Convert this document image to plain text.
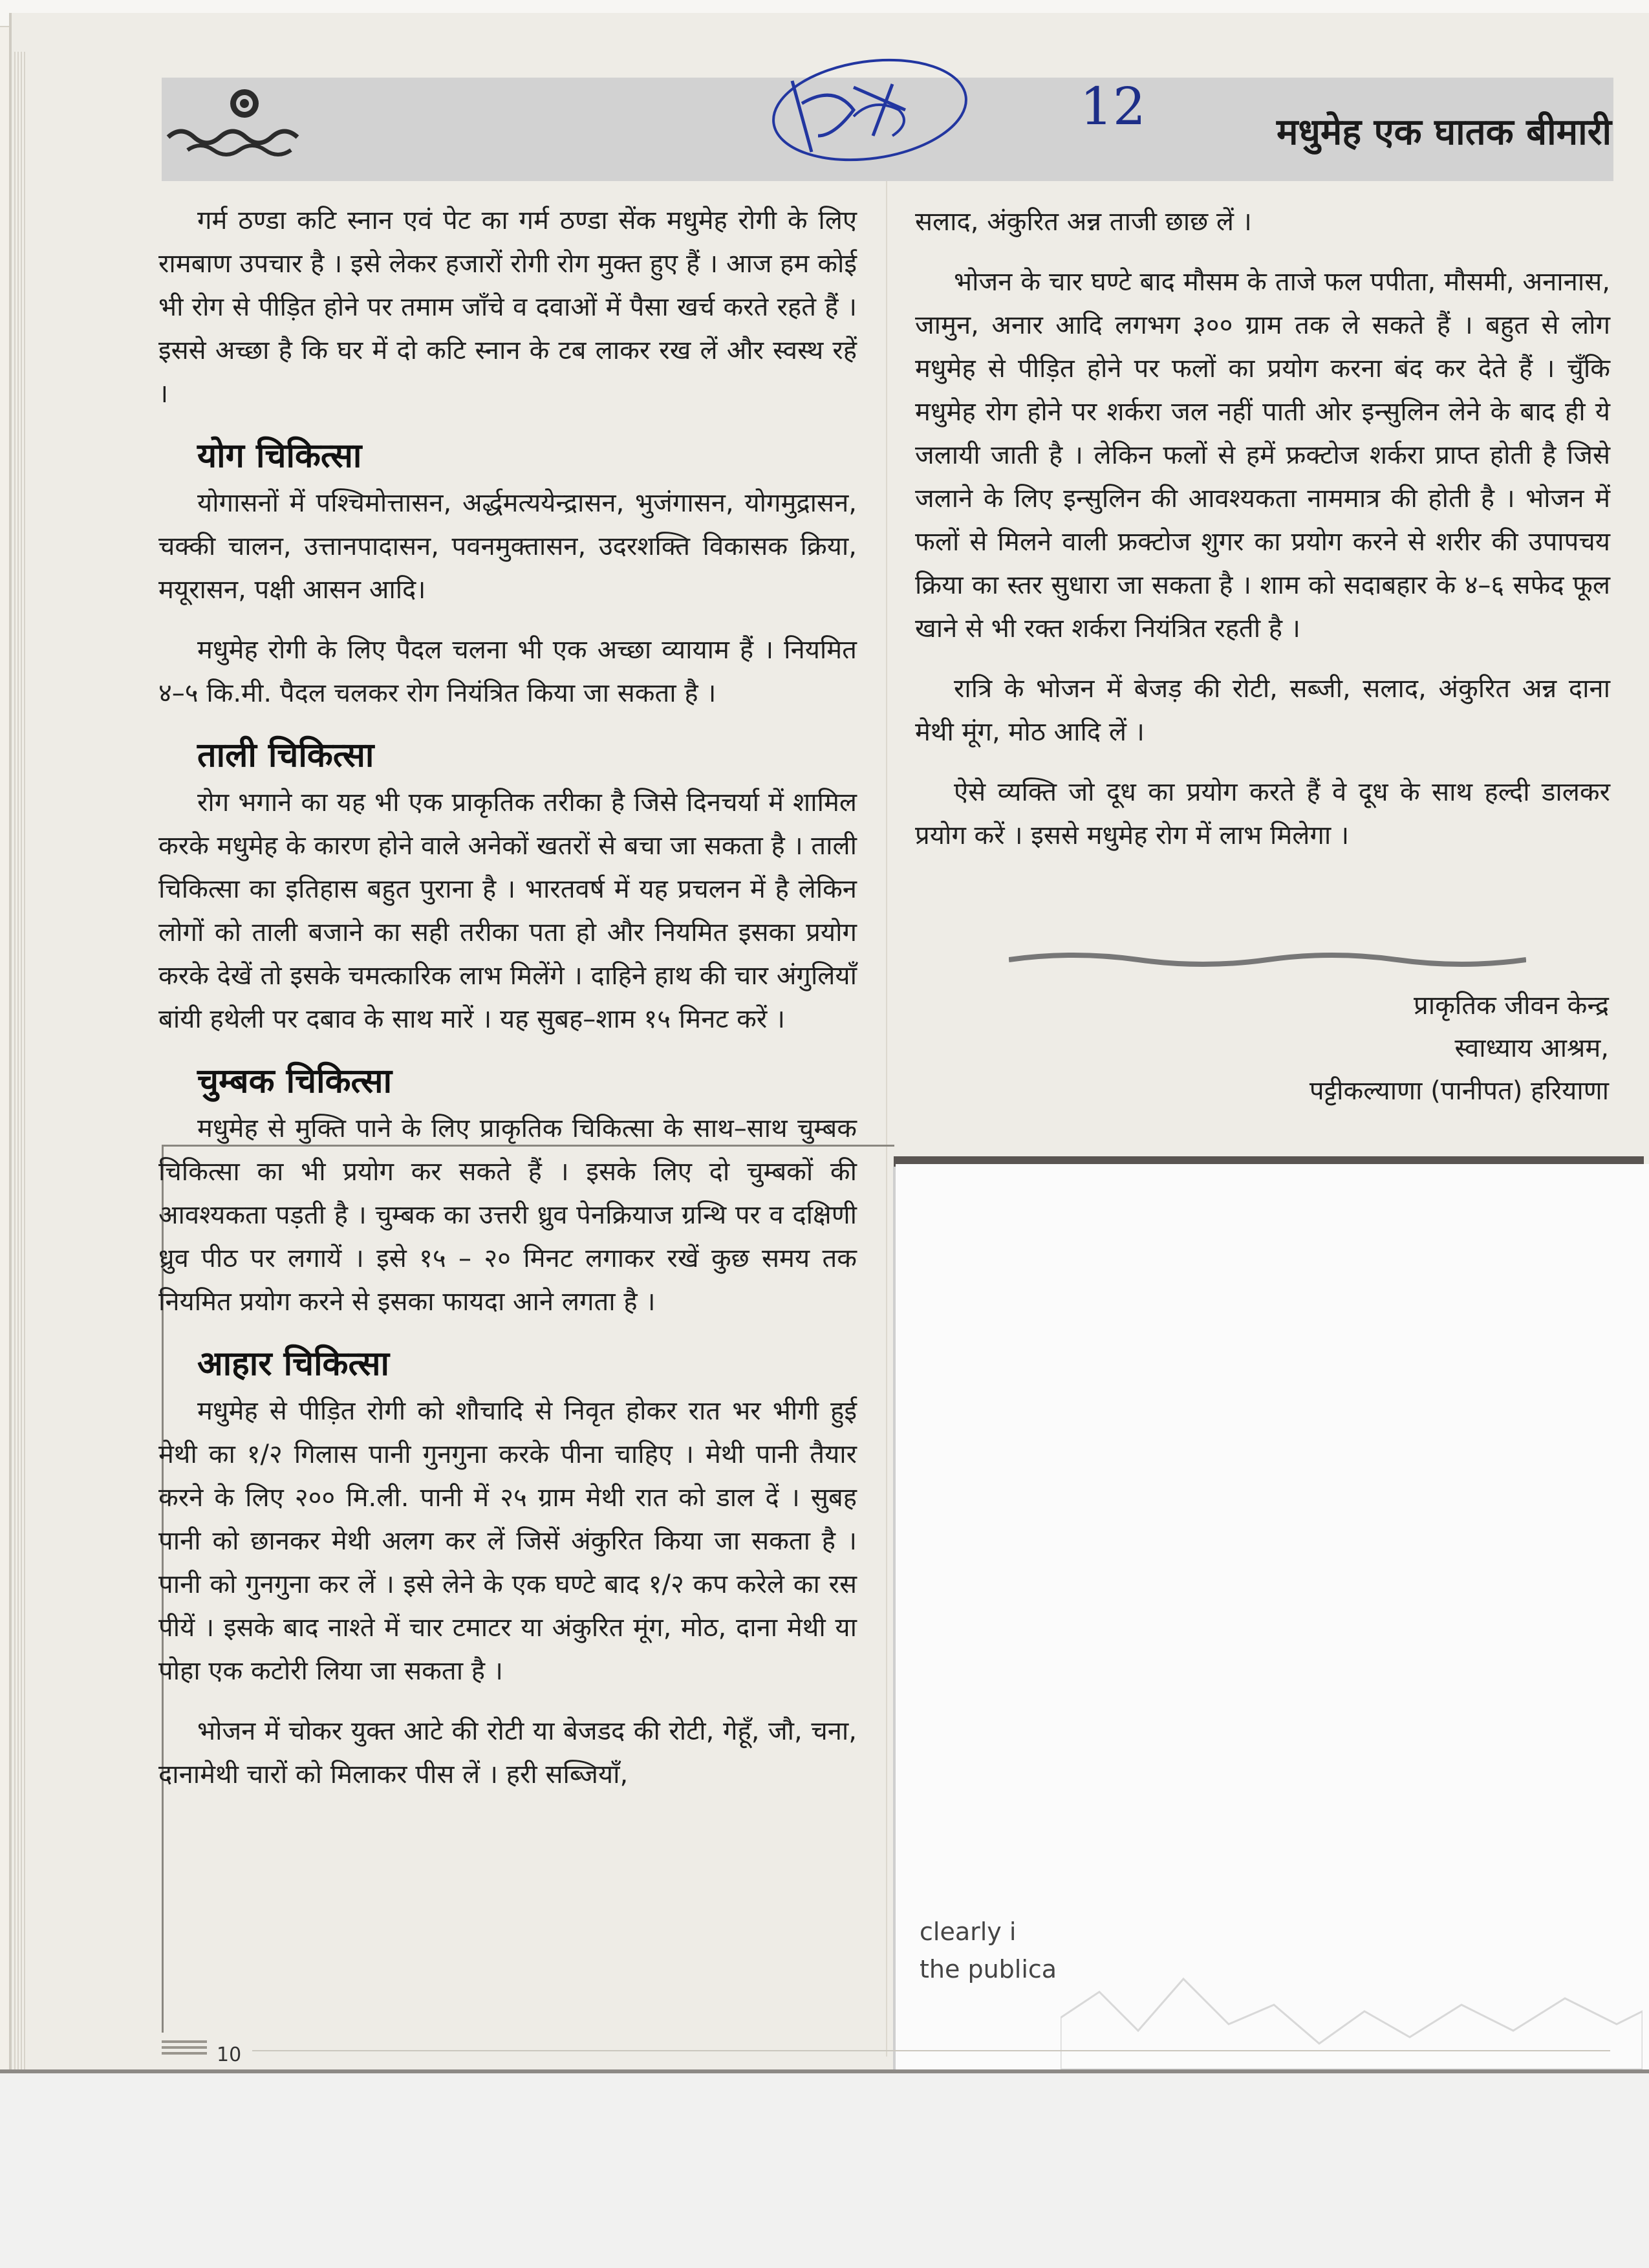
12	मधुमेह एक घातक बीमारी

गर्म ठण्डा कटि स्नान एवं पेट का गर्म ठण्डा सेंक मधुमेह रोगी के लिए रामबाण उपचार है । इसे लेकर हजारों रोगी रोग मुक्त हुए हैं । आज हम कोई भी रोग से पीड़ित होने पर तमाम जाँचे व दवाओं में पैसा खर्च करते रहते हैं । इससे अच्छा है कि घर में दो कटि स्नान के टब लाकर रख लें और स्वस्थ रहें ।

योग चिकित्सा

योगासनों में पश्चिमोत्तासन, अर्द्धमत्ययेन्द्रासन, भुजंगासन, योगमुद्रासन, चक्की चालन, उत्तानपादासन, पवनमुक्तासन, उदरशक्ति विकासक क्रिया, मयूरासन, पक्षी आसन आदि।

मधुमेह रोगी के लिए पैदल चलना भी एक अच्छा व्यायाम हैं । नियमित ४–५ कि.मी. पैदल चलकर रोग नियंत्रित किया जा सकता है ।

ताली चिकित्सा

रोग भगाने का यह भी एक प्राकृतिक तरीका है जिसे दिनचर्या में शामिल करके मधुमेह के कारण होने वाले अनेकों खतरों से बचा जा सकता है । ताली चिकित्सा का इतिहास बहुत पुराना है । भारतवर्ष में यह प्रचलन में है लेकिन लोगों को ताली बजाने का सही तरीका पता हो और नियमित इसका प्रयोग करके देखें तो इसके चमत्कारिक लाभ मिलेंगे । दाहिने हाथ की चार अंगुलियाँ बांयी हथेली पर दबाव के साथ मारें । यह सुबह–शाम १५ मिनट करें ।

चुम्बक चिकित्सा

मधुमेह से मुक्ति पाने के लिए प्राकृतिक चिकित्सा के साथ–साथ चुम्बक चिकित्सा का भी प्रयोग कर सकते हैं । इसके लिए दो चुम्बकों की आवश्यकता पड़ती है । चुम्बक का उत्तरी ध्रुव पेनक्रियाज ग्रन्थि पर व दक्षिणी ध्रुव पीठ पर लगायें । इसे १५ – २० मिनट लगाकर रखें कुछ समय तक नियमित प्रयोग करने से इसका फायदा आने लगता है ।

आहार चिकित्सा

मधुमेह से पीड़ित रोगी को शौचादि से निवृत होकर रात भर भीगी हुई मेथी का १/२ गिलास पानी गुनगुना करके पीना चाहिए । मेथी पानी तैयार करने के लिए २०० मि.ली. पानी में २५ ग्राम मेथी रात को डाल दें । सुबह पानी को छानकर मेथी अलग कर लें जिसें अंकुरित किया जा सकता है । पानी को गुनगुना कर लें । इसे लेने के एक घण्टे बाद १/२ कप करेले का रस पीयें । इसके बाद नाश्ते में चार टमाटर या अंकुरित मूंग, मोठ, दाना मेथी या पोहा एक कटोरी लिया जा सकता है ।

भोजन में चोकर युक्त आटे की रोटी या बेजडद की रोटी, गेहूँ, जौ, चना, दानामेथी चारों को मिलाकर पीस लें । हरी सब्जियाँ,

सलाद, अंकुरित अन्न ताजी छाछ लें ।

भोजन के चार घण्टे बाद मौसम के ताजे फल पपीता, मौसमी, अनानास, जामुन, अनार आदि लगभग ३०० ग्राम तक ले सकते हैं । बहुत से लोग मधुमेह से पीड़ित होने पर फलों का प्रयोग करना बंद कर देते हैं । चुँकि मधुमेह रोग होने पर शर्करा जल नहीं पाती ओर इन्सुलिन लेने के बाद ही ये जलायी जाती है । लेकिन फलों से हमें फ्रक्टोज शर्करा प्राप्त होती है जिसे जलाने के लिए इन्सुलिन की आवश्यकता नाममात्र की होती है । भोजन में फलों से मिलने वाली फ्रक्टोज शुगर का प्रयोग करने से शरीर की उपापचय क्रिया का स्तर सुधारा जा सकता है । शाम को सदाबहार के ४–६ सफेद फूल खाने से भी रक्त शर्करा नियंत्रित रहती है ।

रात्रि के भोजन में बेजड़ की रोटी, सब्जी, सलाद, अंकुरित अन्न दाना मेथी मूंग, मोठ आदि लें ।

ऐसे व्यक्ति जो दूध का प्रयोग करते हैं वे दूध के साथ हल्दी डालकर प्रयोग करें । इससे मधुमेह रोग में लाभ मिलेगा ।

प्राकृतिक जीवन केन्द्र
स्वाध्याय आश्रम,
पट्टीकल्याणा (पानीपत) हरियाणा
clearly i
the publica
10
